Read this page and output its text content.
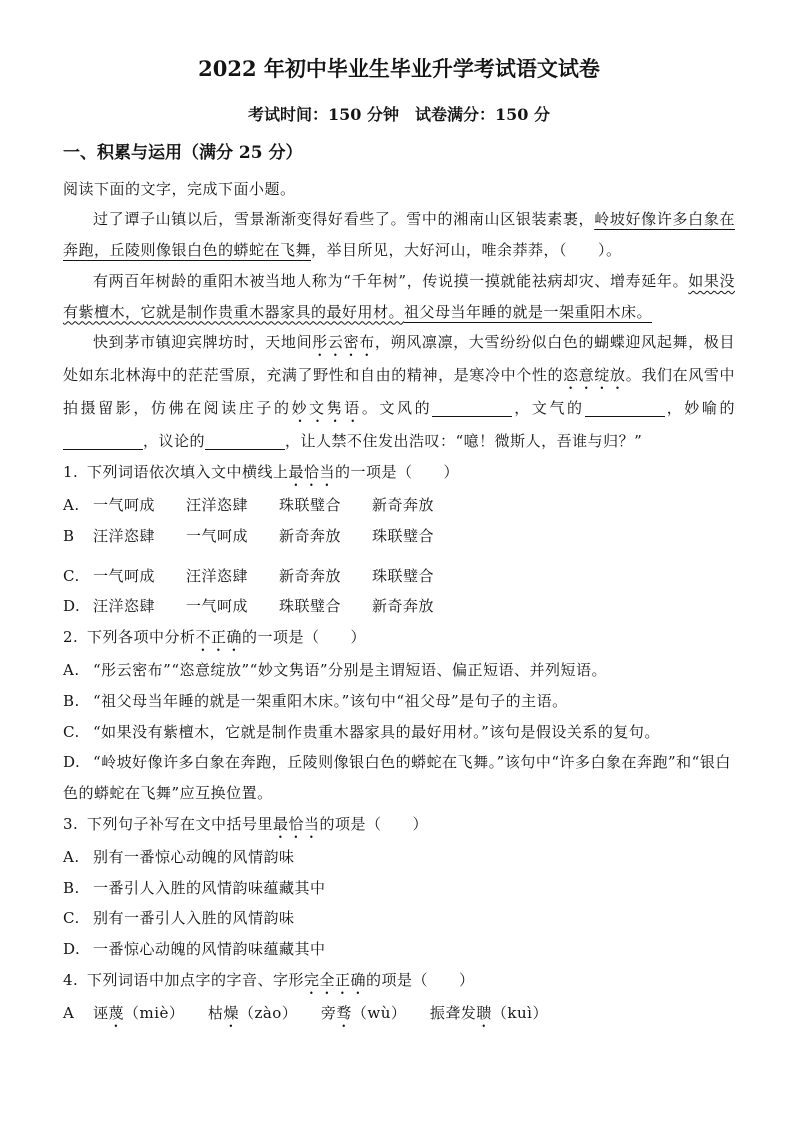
2022 年初中毕业生毕业升学考试语文试卷
考试时间：150 分钟　试卷满分：150 分
一、积累与运用（满分 25 分）

阅读下面的文字，完成下面小题。

过了谭子山镇以后，雪景渐渐变得好看些了。雪中的湘南山区银装素裹，岭坡好像许多白象在奔跑，丘陵则像银白色的蟒蛇在飞舞，举目所见，大好河山，唯余莽莽，（　　）。

有两百年树龄的重阳木被当地人称为“千年树”，传说摸一摸就能祛病却灾、增寿延年。如果没有紫檀木，它就是制作贵重木器家具的最好用材。祖父母当年睡的就是一架重阳木床。

快到茅市镇迎宾牌坊时，天地间彤云密布，朔风凛凛，大雪纷纷似白色的蝴蝶迎风起舞，极目处如东北林海中的茫茫雪原，充满了野性和自由的精神，是寒冷中个性的恣意绽放。我们在风雪中拍摄留影，仿佛在阅读庄子的妙文隽语。文风的	，文气的	，妙喻的，议论的	，让人禁不住发出浩叹：“噫！微斯人，吾谁与归？”

1. 下列词语依次填入文中横线上最恰当的一项是（　　）
A. 一气呵成　　汪洋恣肆　　珠联璧合　　新奇奔放
B 汪洋恣肆　　一气呵成　　新奇奔放　　珠联璧合
C. 一气呵成　　汪洋恣肆　　新奇奔放　　珠联璧合
D. 汪洋恣肆　　一气呵成　　珠联璧合　　新奇奔放
2. 下列各项中分析不正确的一项是（　　）
A. “彤云密布”“恣意绽放”“妙文隽语”分别是主谓短语、偏正短语、并列短语。
B. “祖父母当年睡的就是一架重阳木床。”该句中“祖父母”是句子的主语。
C. “如果没有紫檀木，它就是制作贵重木器家具的最好用材。”该句是假设关系的复句。
D. “岭坡好像许多白象在奔跑，丘陵则像银白色的蟒蛇在飞舞。”该句中“许多白象在奔跑”和“银白色的蟒蛇在飞舞”应互换位置。
3. 下列句子补写在文中括号里最恰当的项是（　　）
A. 别有一番惊心动魄的风情韵味
B. 一番引人入胜的风情韵味蕴藏其中
C. 别有一番引人入胜的风情韵味
D. 一番惊心动魄的风情韵味蕴藏其中
4. 下列词语中加点字的字音、字形完全正确的项是（　　）
A 诬蔑（miè）　　枯燥（zào）　　旁骛（wù）　　振聋发聩（kuì）
